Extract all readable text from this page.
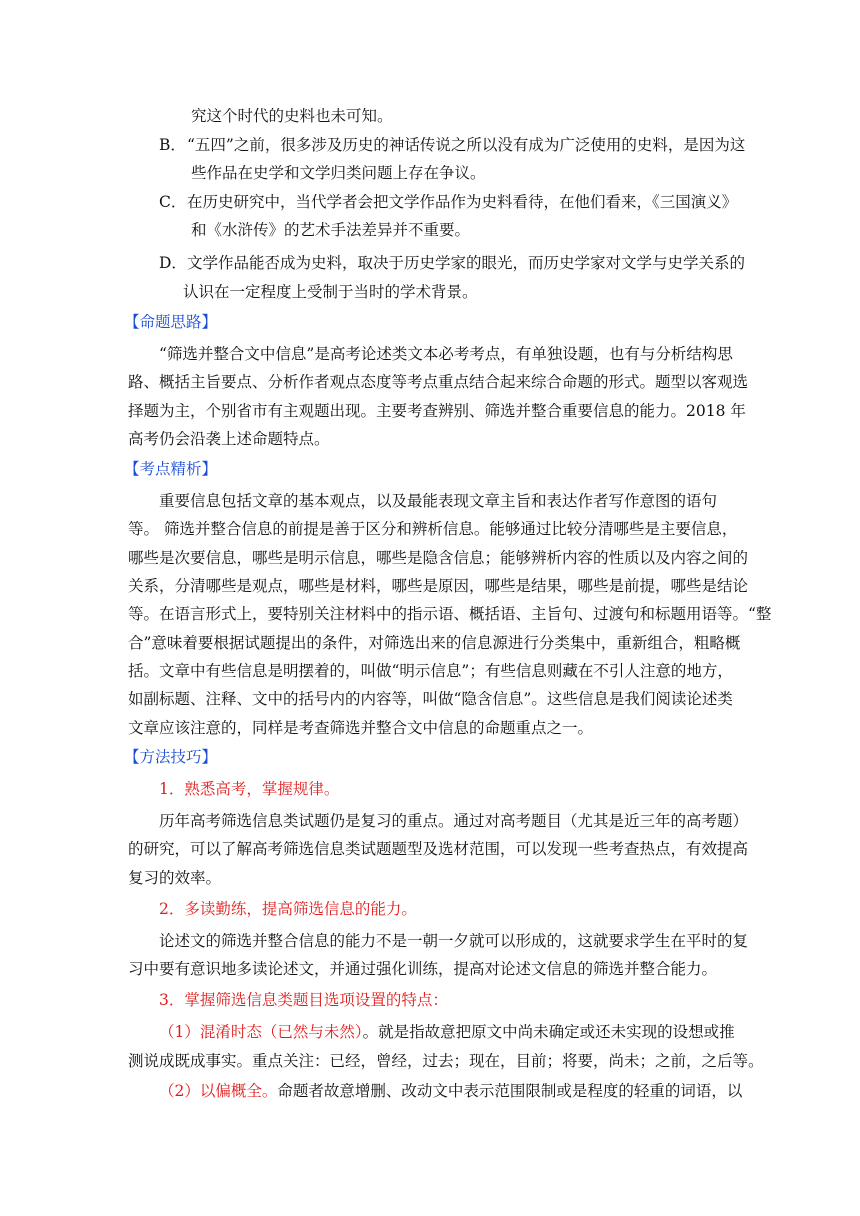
究这个时代的史料也未可知。
B． “五四”之前，很多涉及历史的神话传说之所以没有成为广泛使用的史料，是因为这
些作品在史学和文学归类问题上存在争议。
C． 在历史研究中，当代学者会把文学作品作为史料看待，在他们看来，《三国演义》
和《水浒传》的艺术手法差异并不重要。
D． 文学作品能否成为史料，取决于历史学家的眼光，而历史学家对文学与史学关系的
认识在一定程度上受制于当时的学术背景。
【命题思路】
“筛选并整合文中信息”是高考论述类文本必考考点，有单独设题，也有与分析结构思
路、概括主旨要点、分析作者观点态度等考点重点结合起来综合命题的形式。题型以客观选
择题为主，个别省市有主观题出现。主要考查辨别、筛选并整合重要信息的能力。2018 年
高考仍会沿袭上述命题特点。
【考点精析】
重要信息包括文章的基本观点，以及最能表现文章主旨和表达作者写作意图的语句
等。 筛选并整合信息的前提是善于区分和辨析信息。能够通过比较分清哪些是主要信息，
哪些是次要信息，哪些是明示信息，哪些是隐含信息；能够辨析内容的性质以及内容之间的
关系，分清哪些是观点，哪些是材料，哪些是原因，哪些是结果，哪些是前提，哪些是结论
等。在语言形式上，要特别关注材料中的指示语、概括语、主旨句、过渡句和标题用语等。“整
合”意味着要根据试题提出的条件，对筛选出来的信息源进行分类集中，重新组合，粗略概
括。文章中有些信息是明摆着的，叫做“明示信息”；有些信息则藏在不引人注意的地方，
如副标题、注释、文中的括号内的内容等，叫做“隐含信息”。这些信息是我们阅读论述类
文章应该注意的，同样是考查筛选并整合文中信息的命题重点之一。
【方法技巧】
1．熟悉高考，掌握规律。
历年高考筛选信息类试题仍是复习的重点。通过对高考题目（尤其是近三年的高考题）
的研究，可以了解高考筛选信息类试题题型及选材范围，可以发现一些考查热点，有效提高
复习的效率。
2．多读勤练，提高筛选信息的能力。
论述文的筛选并整合信息的能力不是一朝一夕就可以形成的，这就要求学生在平时的复
习中要有意识地多读论述文，并通过强化训练，提高对论述文信息的筛选并整合能力。
3．掌握筛选信息类题目选项设置的特点：
（1）混淆时态（已然与未然）。就是指故意把原文中尚未确定或还未实现的设想或推
测说成既成事实。重点关注：已经，曾经，过去；现在，目前；将要，尚未；之前，之后等。
（2）以偏概全。命题者故意增删、改动文中表示范围限制或是程度的轻重的词语，以
